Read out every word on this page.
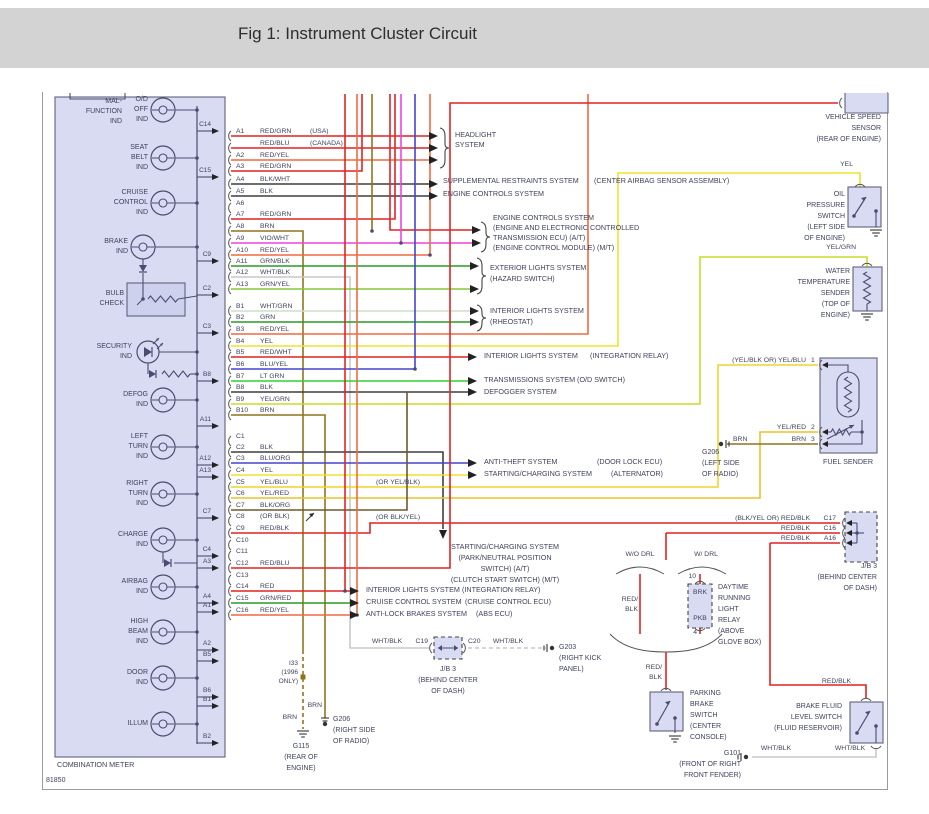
Fig 1: Instrument Cluster Circuit
81850
COMBINATION METER
MAL-
FUNCTION
IND
O/D
OFF
IND
SEAT
BELT
IND
CRUISE
CONTROL
IND
BRAKE
IND
BULB
CHECK
SECURITY
IND
DEFOG
IND
LEFT
TURN
IND
RIGHT
TURN
IND
CHARGE
IND
AIRBAG
IND
HIGH
BEAM
IND
DOOR
IND
ILLUM
C14
C15
C9
C2
C3
B8
A11
A12
A13
C7
C4
A3
A4
A1
A2
B5
B6
B1
B2
A1 RED/GRN
RED/BLU
A2 RED/YEL
A3 RED/GRN
A4 BLK/WHT
A5 BLK
A6
A7 RED/GRN
A8 BRN
A9 VIO/WHT
A10 RED/YEL
A11 GRN/BLK
A12 WHT/BLK
A13 GRN/YEL
B1 WHT/GRN
B2 GRN
B3 RED/YEL
B4 YEL
B5 RED/WHT
B6 BLU/YEL
B7 LT GRN
B8 BLK
B9 YEL/GRN
B10 BRN
C1
C2 BLK
C3 BLU/ORG
C4 YEL
C5 YEL/BLU
C6 YEL/RED
C7 BLK/ORG
C8 (OR BLK)
C9 RED/BLK
C10
C11
C12 RED/BLU
C13
C14 RED
C15 GRN/RED
C16 RED/YEL
(USA)
(CANADA)
(OR YEL/BLK)
(OR BLK/YEL)
HEADLIGHT
SYSTEM
SUPPLEMENTAL RESTRAINTS SYSTEM (CENTER AIRBAG SENSOR ASSEMBLY)
ENGINE CONTROLS SYSTEM
ENGINE CONTROLS SYSTEM
(ENGINE AND ELECTRONIC CONTROLLED
TRANSMISSION ECU) (A/T)
(ENGINE CONTROL MODULE) (M/T)
EXTERIOR LIGHTS SYSTEM
(HAZARD SWITCH)
INTERIOR LIGHTS SYSTEM
(RHEOSTAT)
INTERIOR LIGHTS SYSTEM (INTEGRATION RELAY)
TRANSMISSIONS SYSTEM (O/D SWITCH)
DEFOGGER SYSTEM
ANTI-THEFT SYSTEM	(DOOR LOCK ECU)
STARTING/CHARGING SYSTEM	(ALTERNATOR)
STARTING/CHARGING SYSTEM
(PARK/NEUTRAL POSITION
SWITCH) (A/T)
(CLUTCH START SWITCH) (M/T)
INTERIOR LIGHTS SYSTEM (INTEGRATION RELAY)
CRUISE CONTROL SYSTEM (CRUISE CONTROL ECU)
ANTI-LOCK BRAKES SYSTEM (ABS ECU)
VEHICLE SPEED
SENSOR
(REAR OF ENGINE)
YEL
OIL
PRESSURE
SWITCH
(LEFT SIDE
OF ENGINE)
YEL/GRN
WATER
TEMPERATURE
SENDER
(TOP OF
ENGINE)
(YEL/BLK OR) YEL/BLU 1
YEL/RED 2
BRN	BRN 3
G206
(LEFT SIDE
OF RADIO)
FUEL SENDER
(BLK/YEL OR) RED/BLK C17
RED/BLK C16
RED/BLK A16
J/B 3
(BEHIND CENTER
OF DASH)
W/O DRL	W/ DRL
RED/
BLK
10
BRK
PKB
4
DAYTIME
RUNNING
LIGHT
RELAY
(ABOVE
GLOVE BOX)
RED/
BLK
PARKING
BRAKE
SWITCH
(CENTER
CONSOLE)
RED/BLK
BRAKE FLUID
LEVEL SWITCH
(FLUID RESERVOIR)
WHT/BLK	WHT/BLK
G101
(FRONT OF RIGHT
FRONT FENDER)
WHT/BLK C19	C20 WHT/BLK
J/B 3
(BEHIND CENTER
OF DASH)
G203
(RIGHT KICK
PANEL)
I33
(1996
ONLY)
BRN
BRN
G115
(REAR OF
ENGINE)
G206
(RIGHT SIDE
OF RADIO)
